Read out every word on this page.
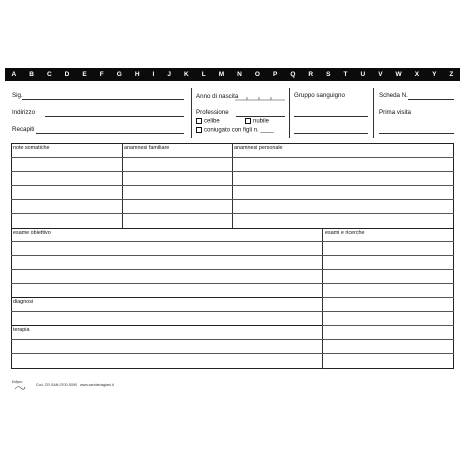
A B C D E F G H I J K L M N O P Q R S T U V W X Y Z
Sig.
Indirizzo
Recapiti
Anno di nascita
Professione
celibe	nubile
coniugato con figli n. ____
Gruppo sanguigno	Scheda N.
Prima visita
note somatiche	anamnesi familiare	anamnesi personale
esame obiettivo	esami e ricerche
diagnosi
terapia
Edipro
Cod. CR-SAN-0700-S090 www.cartoleriagiani.it
